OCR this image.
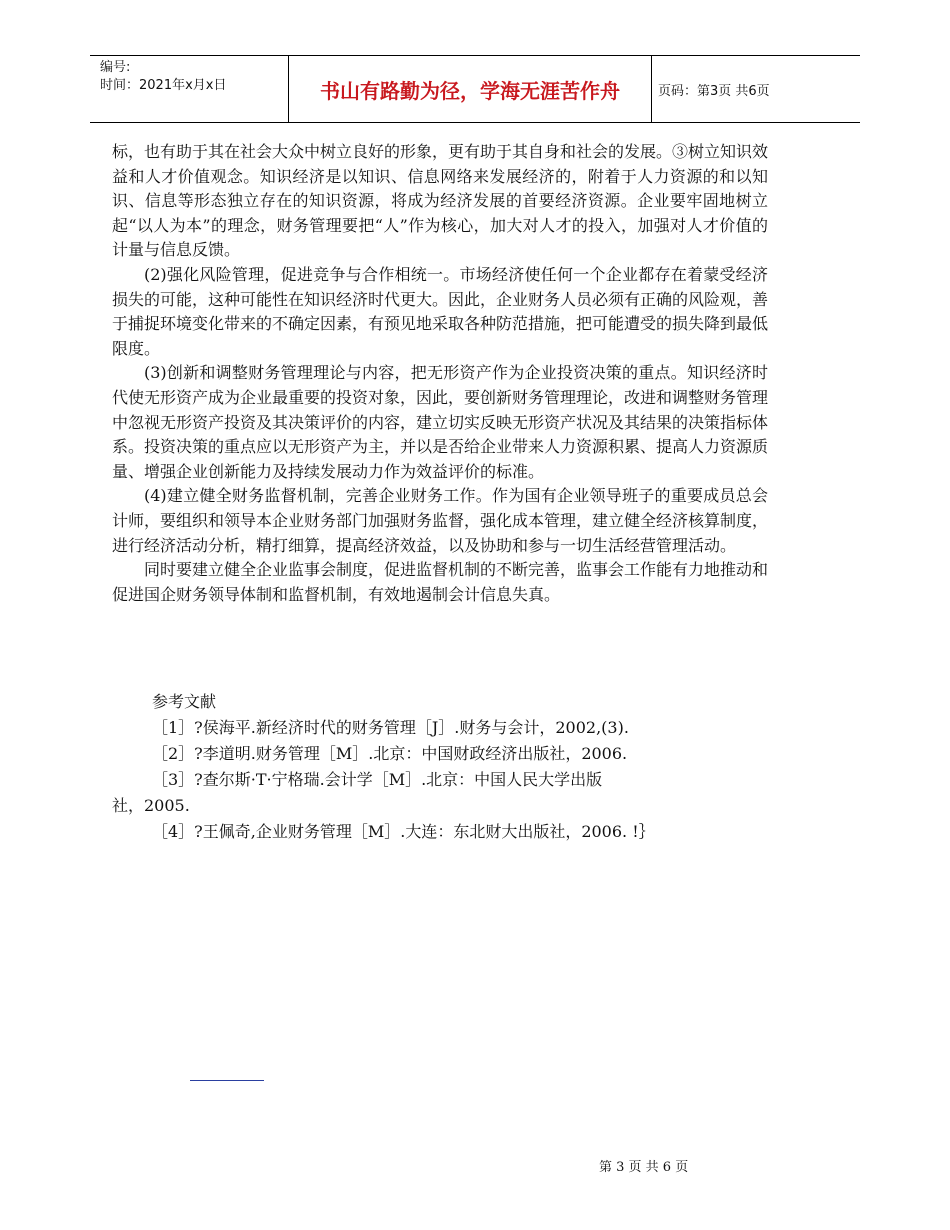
编号:
时间：2021年x月x日	书山有路勤为径，学海无涯苦作舟	页码：第3页 共6页

标，也有助于其在社会大众中树立良好的形象，更有助于其自身和社会的发展。③树立知识效益和人才价值观念。知识经济是以知识、信息网络来发展经济的，附着于人力资源的和以知识、信息等形态独立存在的知识资源，将成为经济发展的首要经济资源。企业要牢固地树立起“以人为本”的理念，财务管理要把“人”作为核心，加大对人才的投入，加强对人才价值的计量与信息反馈。

(2)强化风险管理，促进竞争与合作相统一。市场经济使任何一个企业都存在着蒙受经济损失的可能，这种可能性在知识经济时代更大。因此，企业财务人员必须有正确的风险观，善于捕捉环境变化带来的不确定因素，有预见地采取各种防范措施，把可能遭受的损失降到最低限度。

(3)创新和调整财务管理理论与内容，把无形资产作为企业投资决策的重点。知识经济时代使无形资产成为企业最重要的投资对象，因此，要创新财务管理理论，改进和调整财务管理中忽视无形资产投资及其决策评价的内容，建立切实反映无形资产状况及其结果的决策指标体系。投资决策的重点应以无形资产为主，并以是否给企业带来人力资源积累、提高人力资源质量、增强企业创新能力及持续发展动力作为效益评价的标准。

(4)建立健全财务监督机制，完善企业财务工作。作为国有企业领导班子的重要成员总会计师，要组织和领导本企业财务部门加强财务监督，强化成本管理，建立健全经济核算制度，进行经济活动分析，精打细算，提高经济效益，以及协助和参与一切生活经营管理活动。

同时要建立健全企业监事会制度，促进监督机制的不断完善，监事会工作能有力地推动和促进国企财务领导体制和监督机制，有效地遏制会计信息失真。

参考文献

［1］?侯海平.新经济时代的财务管理［J］.财务与会计，2002,(3).

［2］?李道明.财务管理［M］.北京：中国财政经济出版社，2006.

［3］?查尔斯·T·宁格瑞.会计学［M］.北京：中国人民大学出版

社，2005.

［4］?王佩奇,企业财务管理［M］.大连：东北财大出版社，2006. !｝

第 3 页 共 6 页
